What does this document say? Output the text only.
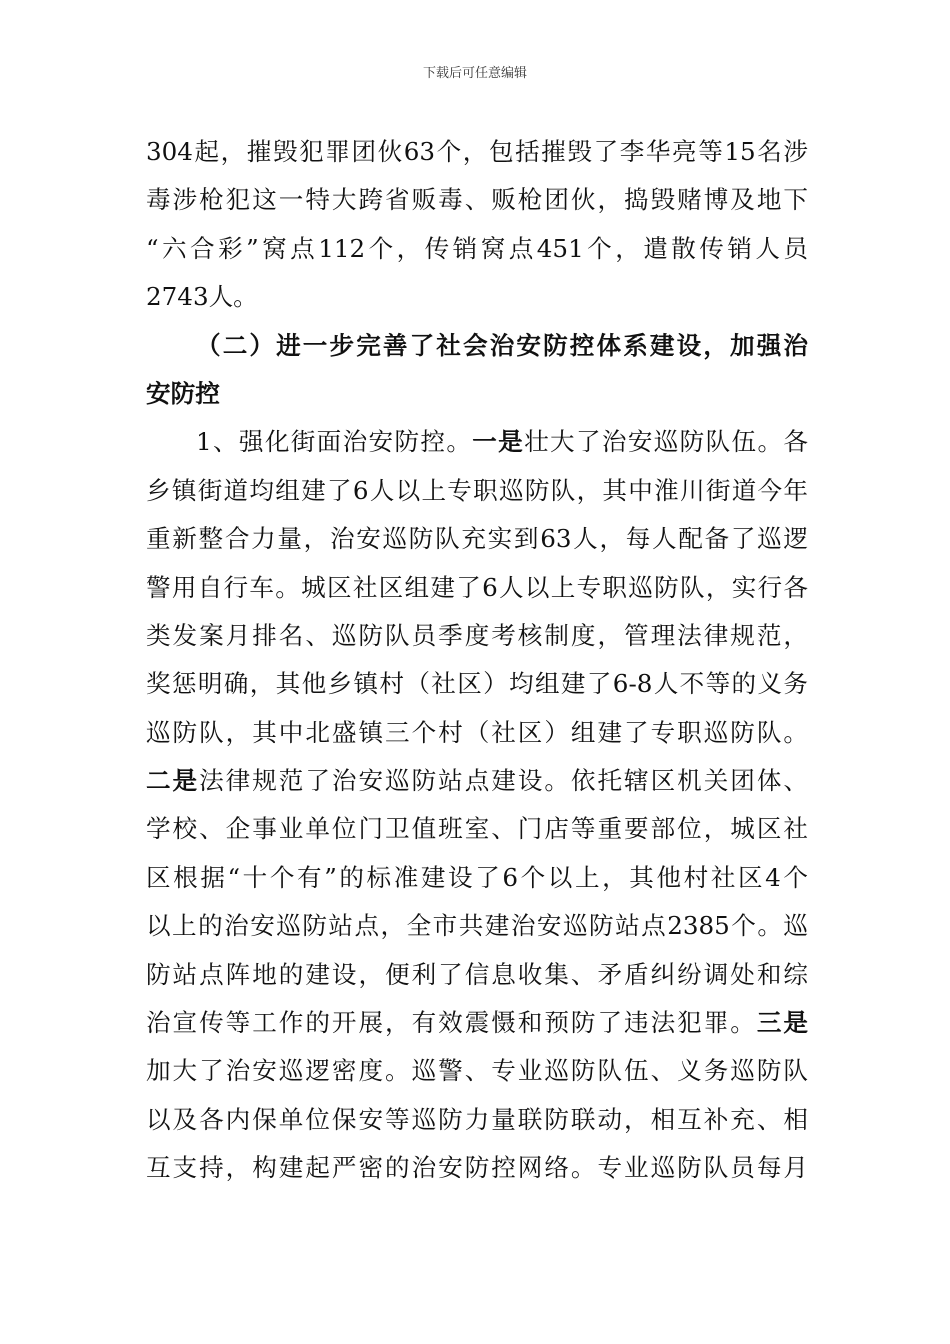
下载后可任意编辑
304起，摧毁犯罪团伙63个，包括摧毁了李华亮等15名涉
毒涉枪犯这一特大跨省贩毒、贩枪团伙，捣毁赌博及地下
“六合彩”窝点112个，传销窝点451个，遣散传销人员
2743人。
（二）进一步完善了社会治安防控体系建设，加强治
安防控
1、强化街面治安防控。一是壮大了治安巡防队伍。各
乡镇街道均组建了6人以上专职巡防队，其中淮川街道今年
重新整合力量，治安巡防队充实到63人，每人配备了巡逻
警用自行车。城区社区组建了6人以上专职巡防队，实行各
类发案月排名、巡防队员季度考核制度，管理法律规范，
奖惩明确，其他乡镇村（社区）均组建了6-8人不等的义务
巡防队，其中北盛镇三个村（社区）组建了专职巡防队。
二是法律规范了治安巡防站点建设。依托辖区机关团体、
学校、企事业单位门卫值班室、门店等重要部位，城区社
区根据“十个有”的标准建设了6个以上，其他村社区4个
以上的治安巡防站点，全市共建治安巡防站点2385个。巡
防站点阵地的建设，便利了信息收集、矛盾纠纷调处和综
治宣传等工作的开展，有效震慑和预防了违法犯罪。三是
加大了治安巡逻密度。巡警、专业巡防队伍、义务巡防队
以及各内保单位保安等巡防力量联防联动，相互补充、相
互支持，构建起严密的治安防控网络。专业巡防队员每月
